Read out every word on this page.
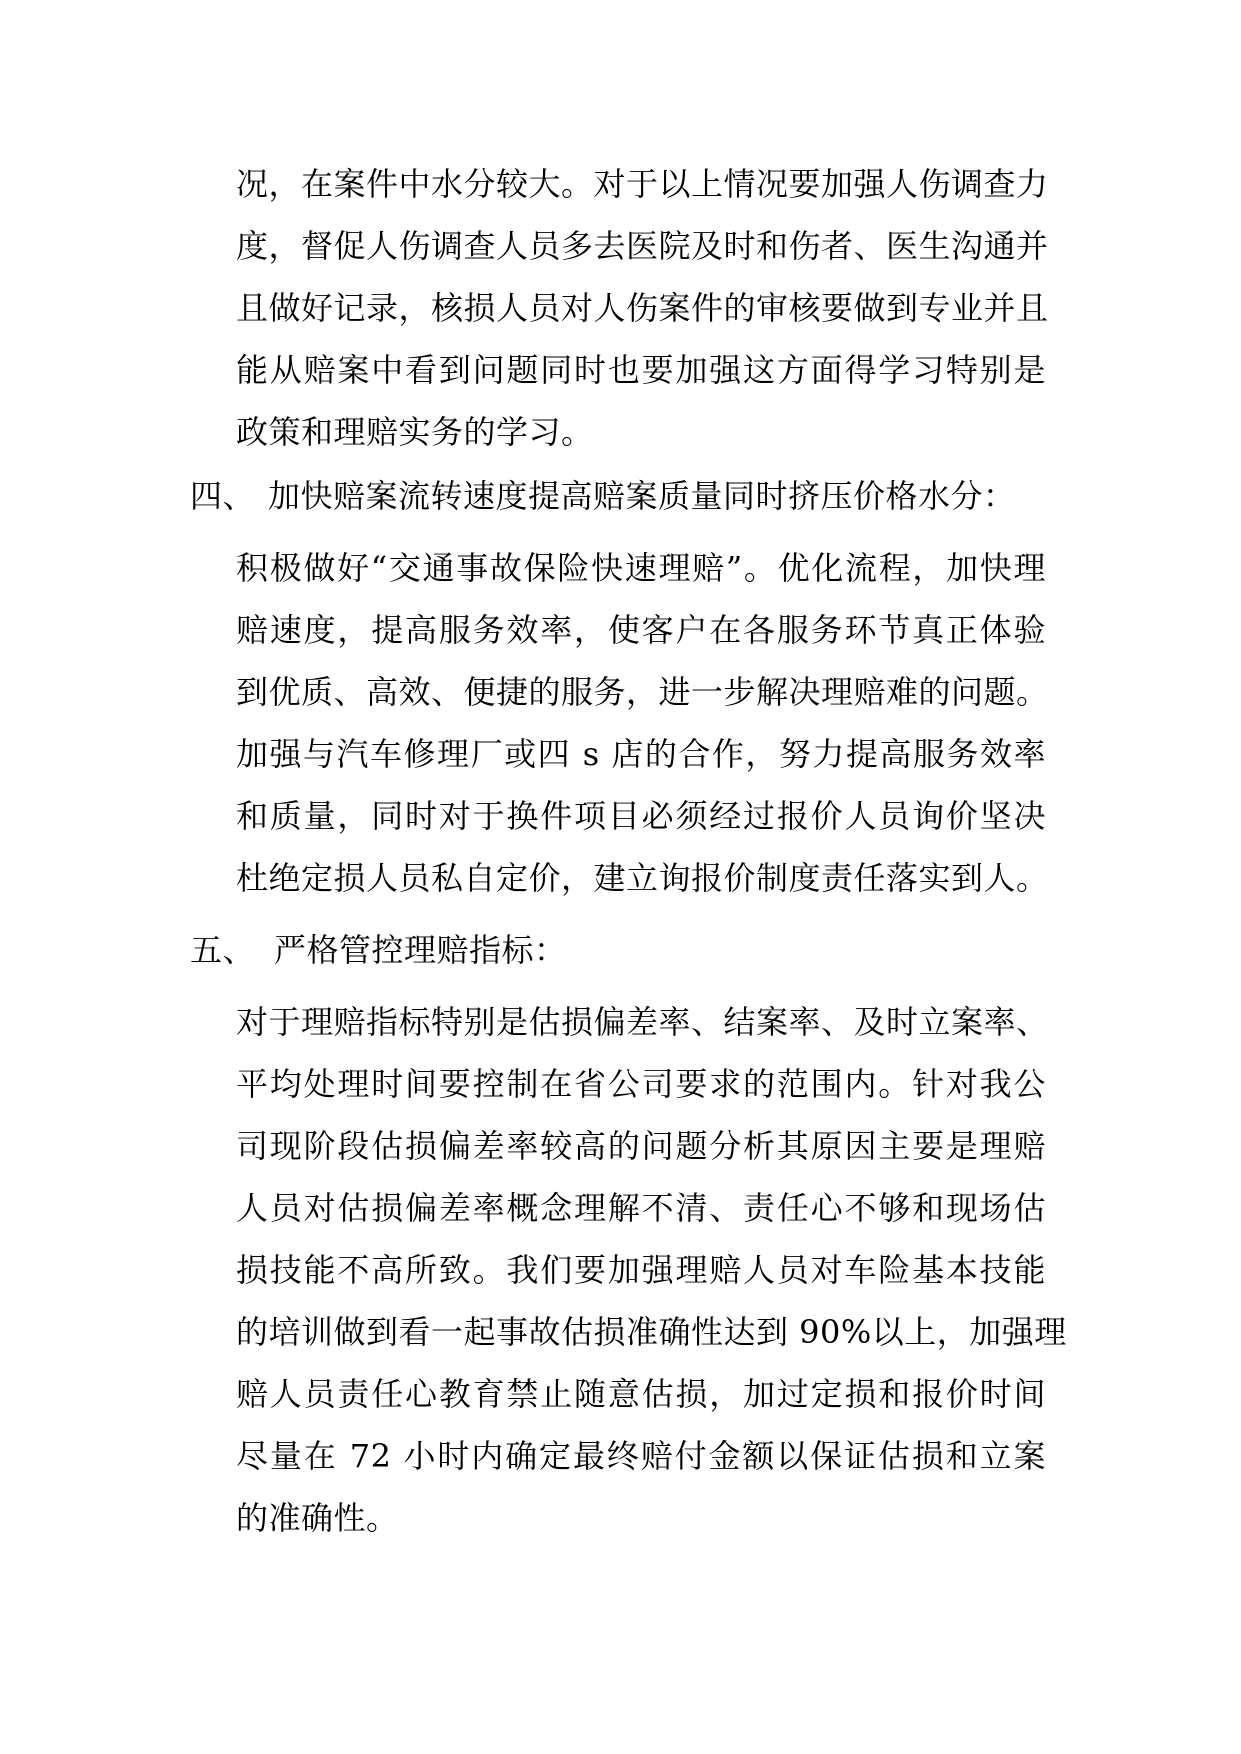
况，在案件中水分较大。对于以上情况要加强人伤调查力
度，督促人伤调查人员多去医院及时和伤者、医生沟通并
且做好记录，核损人员对人伤案件的审核要做到专业并且
能从赔案中看到问题同时也要加强这方面得学习特别是
政策和理赔实务的学习。
四、 加快赔案流转速度提高赔案质量同时挤压价格水分：
积极做好“交通事故保险快速理赔”。优化流程，加快理
赔速度，提高服务效率，使客户在各服务环节真正体验
到优质、高效、便捷的服务，进一步解决理赔难的问题。
加强与汽车修理厂或四 s 店的合作，努力提高服务效率
和质量，同时对于换件项目必须经过报价人员询价坚决
杜绝定损人员私自定价，建立询报价制度责任落实到人。
五、 严格管控理赔指标：
对于理赔指标特别是估损偏差率、结案率、及时立案率、
平均处理时间要控制在省公司要求的范围内。针对我公
司现阶段估损偏差率较高的问题分析其原因主要是理赔
人员对估损偏差率概念理解不清、责任心不够和现场估
损技能不高所致。我们要加强理赔人员对车险基本技能
的培训做到看一起事故估损准确性达到 90%以上，加强理
赔人员责任心教育禁止随意估损，加过定损和报价时间
尽量在 72 小时内确定最终赔付金额以保证估损和立案
的准确性。
